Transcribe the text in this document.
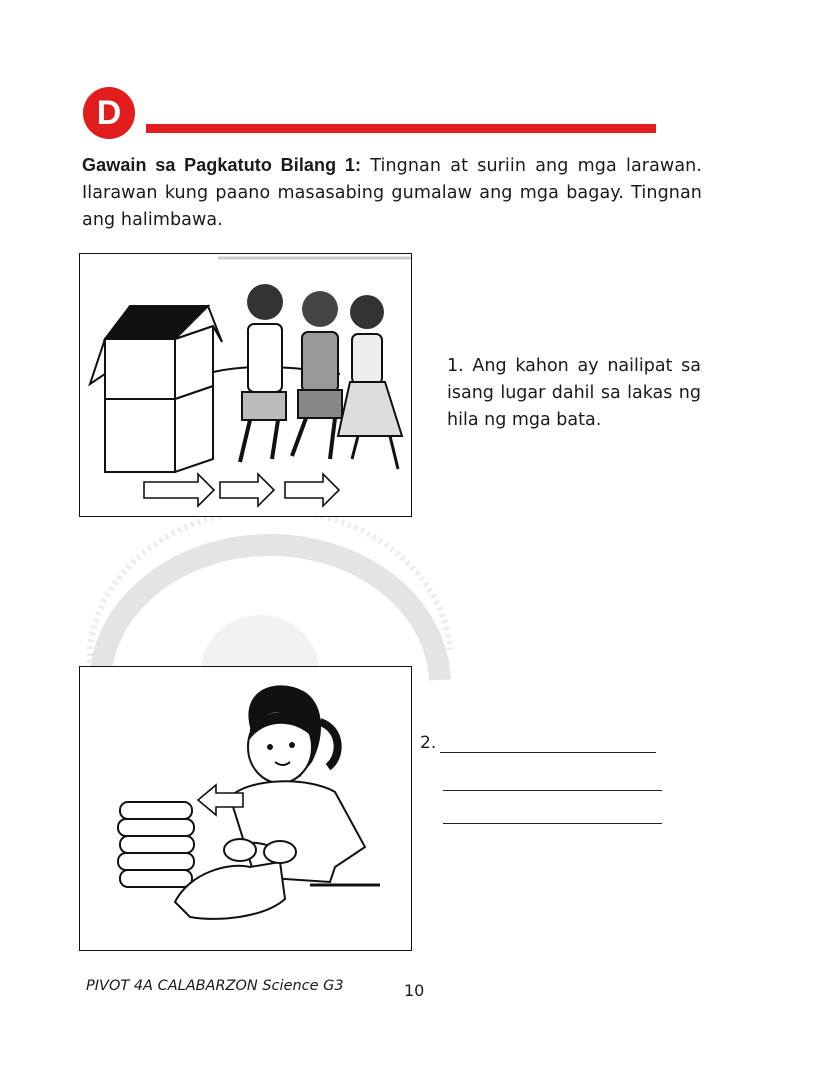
D
Gawain sa Pagkatuto Bilang 1: Tingnan at suriin ang mga larawan. Ilarawan kung paano masasabing gumalaw ang mga bagay. Tingnan ang halimbawa.
1. Ang kahon ay nailipat sa isang lugar dahil sa lakas ng hila ng mga bata.
2.
PIVOT 4A CALABARZON Science G3	10
